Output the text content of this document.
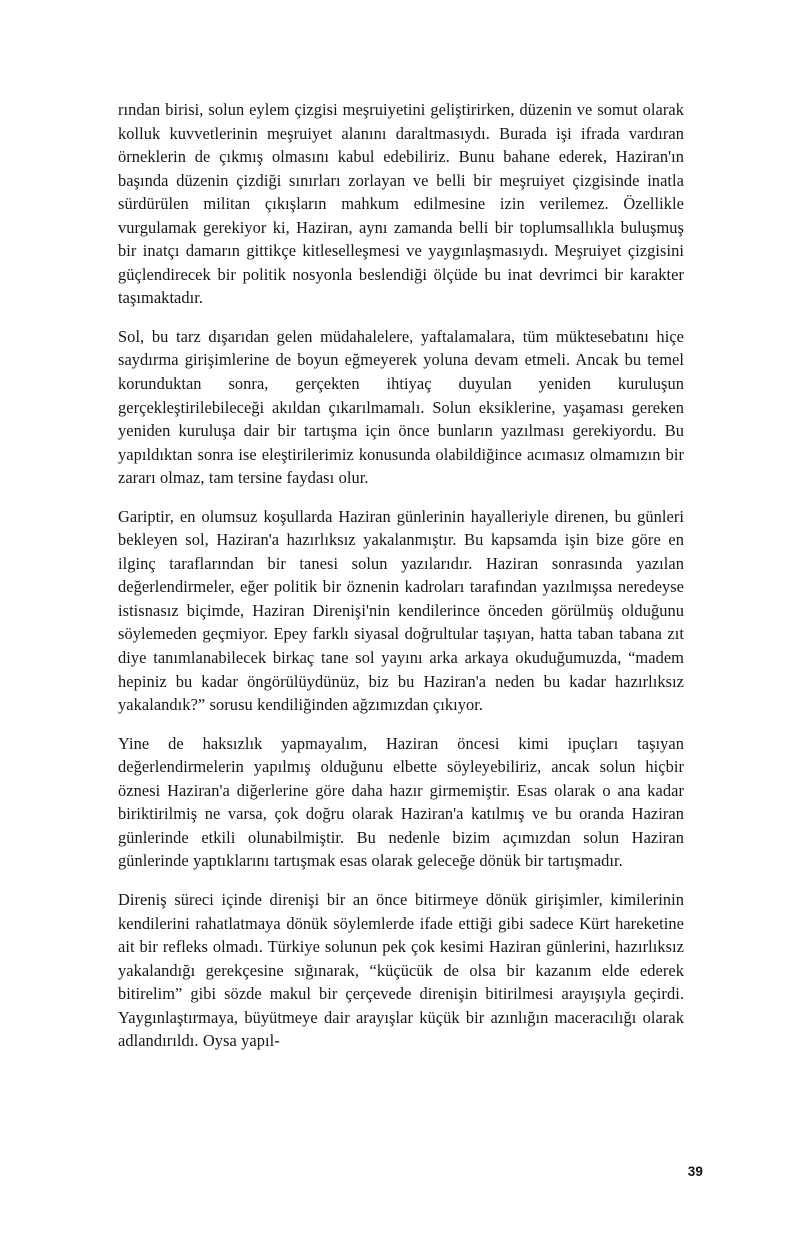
rından birisi, solun eylem çizgisi meşruiyetini geliştirirken, düzenin ve somut olarak kolluk kuvvetlerinin meşruiyet alanını daraltmasıydı. Burada işi ifrada vardıran örneklerin de çıkmış olmasını kabul edebiliriz. Bunu bahane ederek, Haziran'ın başında düzenin çizdiği sınırları zorlayan ve belli bir meşruiyet çizgisinde inatla sürdürülen militan çıkışların mahkum edilmesine izin verilemez. Özellikle vurgulamak gerekiyor ki, Haziran, aynı zamanda belli bir toplumsallıkla buluşmuş bir inatçı damarın gittikçe kitleselleşmesi ve yaygınlaşmasıydı. Meşruiyet çizgisini güçlendirecek bir politik nosyonla beslendiği ölçüde bu inat devrimci bir karakter taşımaktadır.

Sol, bu tarz dışarıdan gelen müdahalelere, yaftalamalara, tüm müktesebatını hiçe saydırma girişimlerine de boyun eğmeyerek yoluna devam etmeli. Ancak bu temel korunduktan sonra, gerçekten ihtiyaç duyulan yeniden kuruluşun gerçekleştirilebileceği akıldan çıkarılmamalı. Solun eksiklerine, yaşaması gereken yeniden kuruluşa dair bir tartışma için önce bunların yazılması gerekiyordu. Bu yapıldıktan sonra ise eleştirilerimiz konusunda olabildiğince acımasız olmamızın bir zararı olmaz, tam tersine faydası olur.

Gariptir, en olumsuz koşullarda Haziran günlerinin hayalleriyle direnen, bu günleri bekleyen sol, Haziran'a hazırlıksız yakalanmıştır. Bu kapsamda işin bize göre en ilginç taraflarından bir tanesi solun yazılarıdır. Haziran sonrasında yazılan değerlendirmeler, eğer politik bir öznenin kadroları tarafından yazılmışsa neredeyse istisnasız biçimde, Haziran Direnişi'nin kendilerince önceden görülmüş olduğunu söylemeden geçmiyor. Epey farklı siyasal doğrultular taşıyan, hatta taban tabana zıt diye tanımlanabilecek birkaç tane sol yayını arka arkaya okuduğumuzda, “madem hepiniz bu kadar öngörülüydünüz, biz bu Haziran'a neden bu kadar hazırlıksız yakalandık?” sorusu kendiliğinden ağzımızdan çıkıyor.

Yine de haksızlık yapmayalım, Haziran öncesi kimi ipuçları taşıyan değerlendirmelerin yapılmış olduğunu elbette söyleyebiliriz, ancak solun hiçbir öznesi Haziran'a diğerlerine göre daha hazır girmemiştir. Esas olarak o ana kadar biriktirilmiş ne varsa, çok doğru olarak Haziran'a katılmış ve bu oranda Haziran günlerinde etkili olunabilmiştir. Bu nedenle bizim açımızdan solun Haziran günlerinde yaptıklarını tartışmak esas olarak geleceğe dönük bir tartışmadır.

Direniş süreci içinde direnişi bir an önce bitirmeye dönük girişimler, kimilerinin kendilerini rahatlatmaya dönük söylemlerde ifade ettiği gibi sadece Kürt hareketine ait bir refleks olmadı. Türkiye solunun pek çok kesimi Haziran günlerini, hazırlıksız yakalandığı gerekçesine sığınarak, “küçücük de olsa bir kazanım elde ederek bitirelim” gibi sözde makul bir çerçevede direnişin bitirilmesi arayışıyla geçirdi. Yaygınlaştırmaya, büyütmeye dair arayışlar küçük bir azınlığın maceracılığı olarak adlandırıldı. Oysa yapıl-

39
